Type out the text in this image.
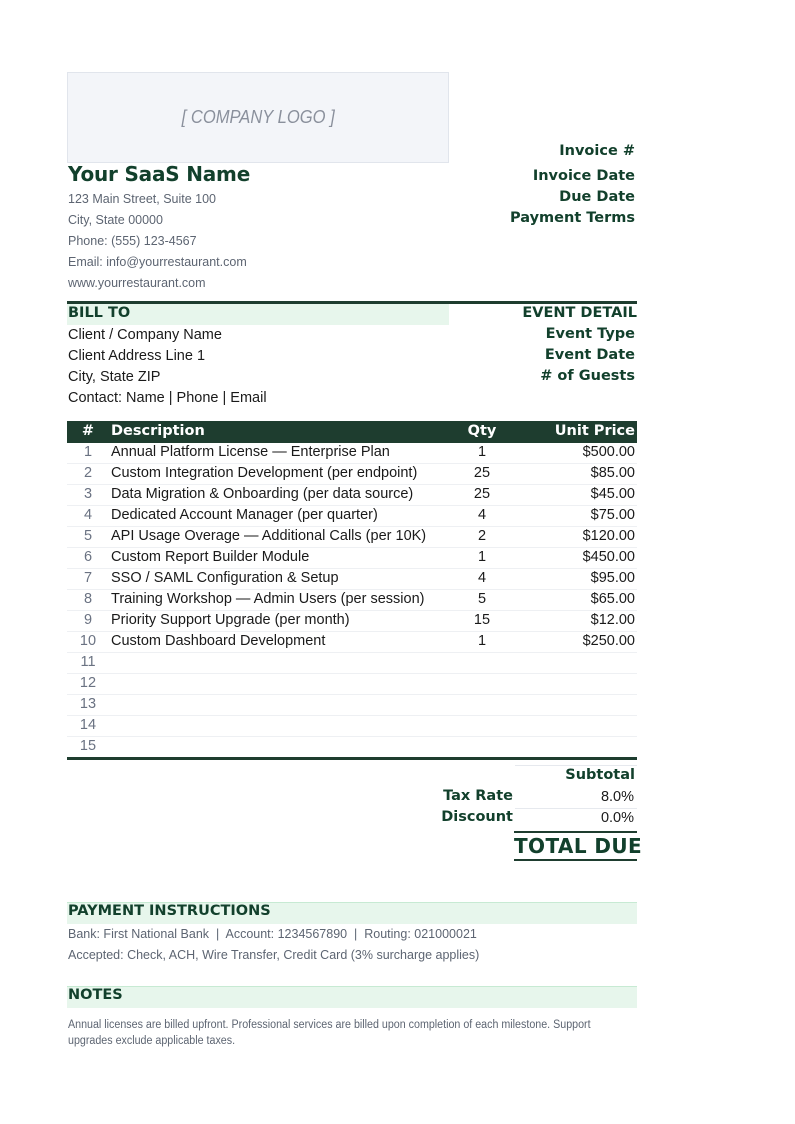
[ COMPANY LOGO ]
Your SaaS Name
123 Main Street, Suite 100
City, State 00000
Phone: (555) 123-4567
Email: info@yourrestaurant.com
www.yourrestaurant.com
Invoice #
Invoice Date
Due Date
Payment Terms
BILL TO	EVENT DETAIL
Client / Company Name
Client Address Line 1
City, State ZIP
Contact: Name | Phone | Email
Event Type
Event Date
# of Guests
#	Description	Qty	Unit Price
1	Annual Platform License — Enterprise Plan	1	$500.00
2	Custom Integration Development (per endpoint)	25	$85.00
3	Data Migration & Onboarding (per data source)	25	$45.00
4	Dedicated Account Manager (per quarter)	4	$75.00
5	API Usage Overage — Additional Calls (per 10K)	2	$120.00
6	Custom Report Builder Module	1	$450.00
7	SSO / SAML Configuration & Setup	4	$95.00
8	Training Workshop — Admin Users (per session)	5	$65.00
9	Priority Support Upgrade (per month)	15	$12.00
10	Custom Dashboard Development	1	$250.00
11
12
13
14
15
Subtotal
Tax Rate	8.0%
Discount	0.0%
TOTAL DUE
PAYMENT INSTRUCTIONS
Bank: First National Bank  |  Account: 1234567890  |  Routing: 021000021
Accepted: Check, ACH, Wire Transfer, Credit Card (3% surcharge applies)
NOTES
Annual licenses are billed upfront. Professional services are billed upon completion of each milestone. Support upgrades exclude applicable taxes.
